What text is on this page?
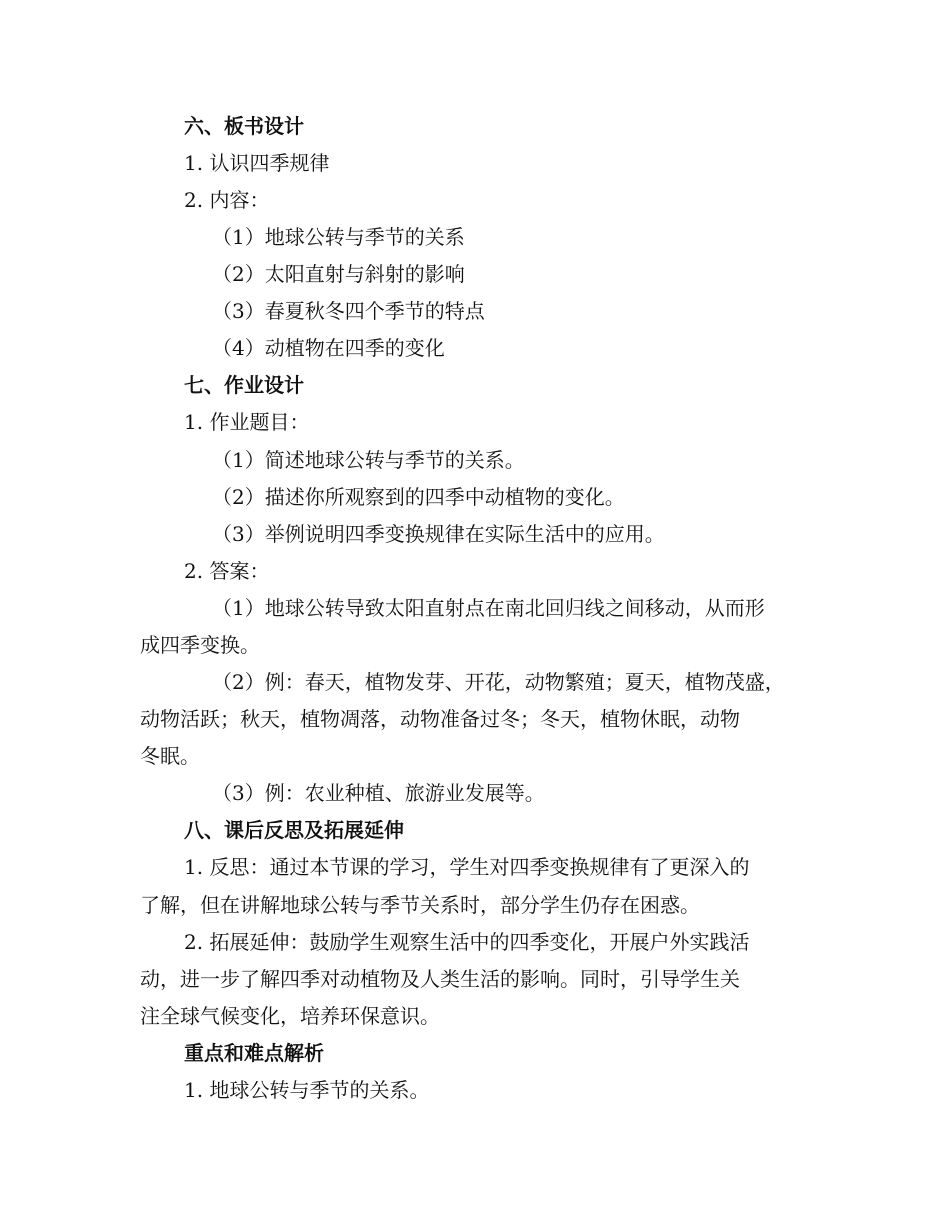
六、板书设计
1. 认识四季规律
2. 内容：
（1）地球公转与季节的关系
（2）太阳直射与斜射的影响
（3）春夏秋冬四个季节的特点
（4）动植物在四季的变化
七、作业设计
1. 作业题目：
（1）简述地球公转与季节的关系。
（2）描述你所观察到的四季中动植物的变化。
（3）举例说明四季变换规律在实际生活中的应用。
2. 答案：
（1）地球公转导致太阳直射点在南北回归线之间移动，从而形
成四季变换。
（2）例：春天，植物发芽、开花，动物繁殖；夏天，植物茂盛，
动物活跃；秋天，植物凋落，动物准备过冬；冬天，植物休眠，动物
冬眠。
（3）例：农业种植、旅游业发展等。
八、课后反思及拓展延伸
1. 反思：通过本节课的学习，学生对四季变换规律有了更深入的
了解，但在讲解地球公转与季节关系时，部分学生仍存在困惑。
2. 拓展延伸：鼓励学生观察生活中的四季变化，开展户外实践活
动，进一步了解四季对动植物及人类生活的影响。同时，引导学生关
注全球气候变化，培养环保意识。
重点和难点解析
1. 地球公转与季节的关系。
